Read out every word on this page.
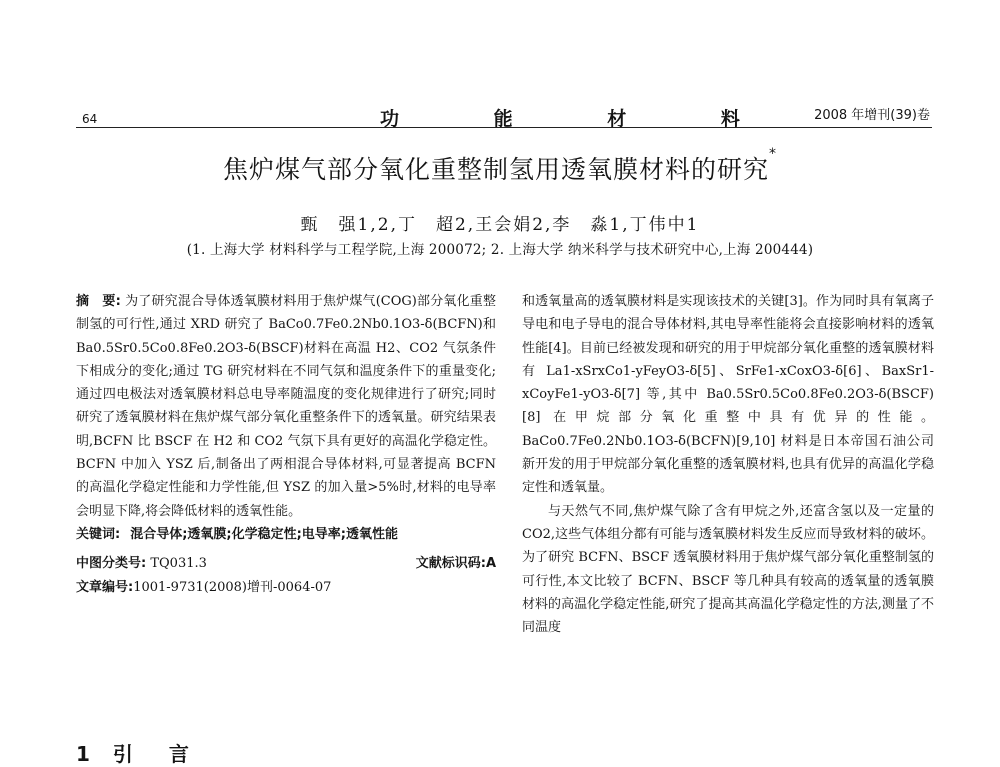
64	功 能 材 料 2008 年增刊(39)卷
焦炉煤气部分氧化重整制氢用透氧膜材料的研究*
甄　强1,2,丁　超2,王会娟2,李　淼1,丁伟中1
(1. 上海大学 材料科学与工程学院,上海 200072; 2. 上海大学 纳米科学与技术研究中心,上海 200444)

摘　要: 为了研究混合导体透氧膜材料用于焦炉煤气(COG)部分氧化重整制氢的可行性,通过 XRD 研究了 BaCo0.7Fe0.2Nb0.1O3-δ(BCFN)和 Ba0.5Sr0.5Co0.8Fe0.2O3-δ(BSCF)材料在高温 H2、CO2 气氛条件下相成分的变化;通过 TG 研究材料在不同气氛和温度条件下的重量变化;通过四电极法对透氧膜材料总电导率随温度的变化规律进行了研究;同时研究了透氧膜材料在焦炉煤气部分氧化重整条件下的透氧量。研究结果表明,BCFN 比 BSCF 在 H2 和 CO2 气氛下具有更好的高温化学稳定性。BCFN 中加入 YSZ 后,制备出了两相混合导体材料,可显著提高 BCFN 的高温化学稳定性能和力学性能,但 YSZ 的加入量>5%时,材料的电导率会明显下降,将会降低材料的透氧性能。

关键词: 混合导体;透氧膜;化学稳定性;电导率;透氧性能
中图分类号: TQ031.3	文献标识码:A
文章编号:1001-9731(2008)增刊-0064-07
1 引　言

和透氧量高的透氧膜材料是实现该技术的关键[3]。作为同时具有氧离子导电和电子导电的混合导体材料,其电导率性能将会直接影响材料的透氧性能[4]。目前已经被发现和研究的用于甲烷部分氧化重整的透氧膜材料有 La1-xSrxCo1-yFeyO3-δ[5]、SrFe1-xCoxO3-δ[6]、BaxSr1-xCoyFe1-yO3-δ[7] 等,其中 Ba0.5Sr0.5Co0.8Fe0.2O3-δ(BSCF)[8] 在甲烷部分氧化重整中具有优异的性能。BaCo0.7Fe0.2Nb0.1O3-δ(BCFN)[9,10] 材料是日本帝国石油公司新开发的用于甲烷部分氧化重整的透氧膜材料,也具有优异的高温化学稳定性和透氧量。

与天然气不同,焦炉煤气除了含有甲烷之外,还富含氢以及一定量的 CO2,这些气体组分都有可能与透氧膜材料发生反应而导致材料的破坏。为了研究 BCFN、BSCF 透氧膜材料用于焦炉煤气部分氧化重整制氢的可行性,本文比较了 BCFN、BSCF 等几种具有较高的透氧量的透氧膜材料的高温化学稳定性能,研究了提高其高温化学稳定性的方法,测量了不同温度
